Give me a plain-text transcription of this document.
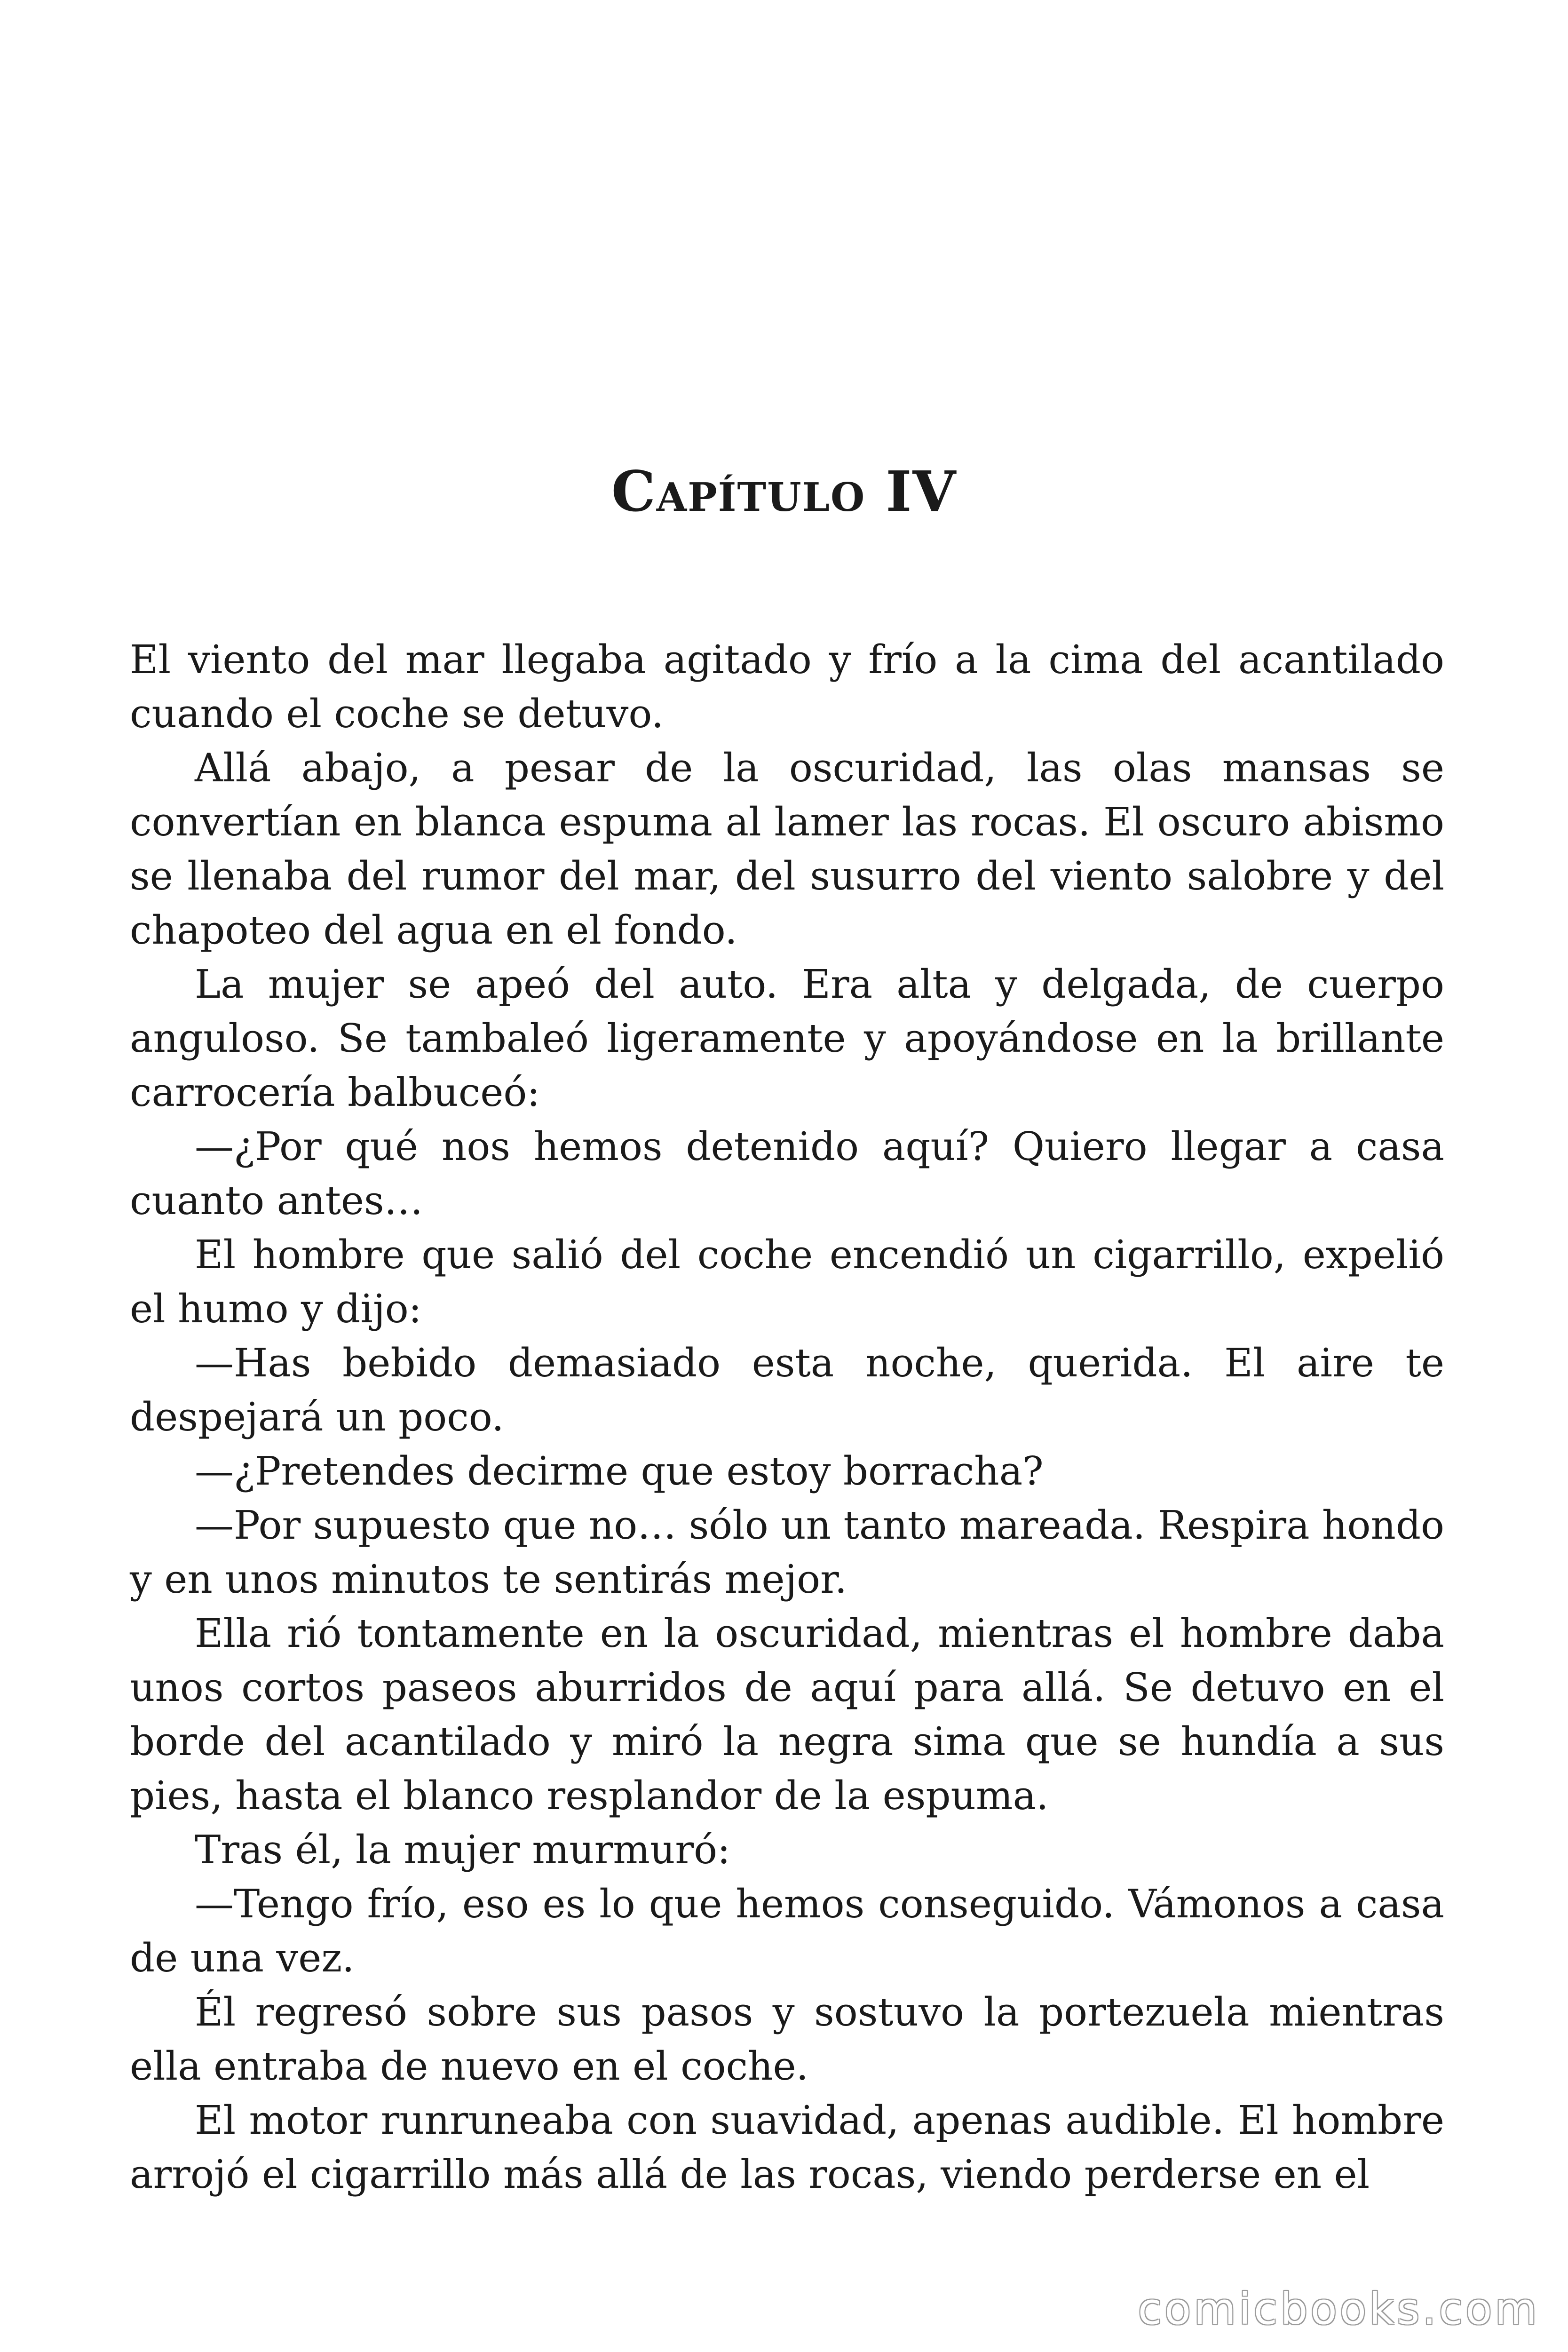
Capítulo IV

El viento del mar llegaba agitado y frío a la cima del acantilado cuando el coche se detuvo.

Allá abajo, a pesar de la oscuridad, las olas mansas se convertían en blanca espuma al lamer las rocas. El oscuro abismo se llenaba del rumor del mar, del susurro del viento salobre y del chapoteo del agua en el fondo.

La mujer se apeó del auto. Era alta y delgada, de cuerpo anguloso. Se tambaleó ligeramente y apoyándose en la brillante carrocería balbuceó:

—¿Por qué nos hemos detenido aquí? Quiero llegar a casa cuanto antes…

El hombre que salió del coche encendió un cigarrillo, expelió el humo y dijo:

—Has bebido demasiado esta noche, querida. El aire te despejará un poco.

—¿Pretendes decirme que estoy borracha?

—Por supuesto que no… sólo un tanto mareada. Respira hondo y en unos minutos te sentirás mejor.

Ella rió tontamente en la oscuridad, mientras el hombre daba unos cortos paseos aburridos de aquí para allá. Se detuvo en el borde del acantilado y miró la negra sima que se hundía a sus pies, hasta el blanco resplandor de la espuma.

Tras él, la mujer murmuró:

—Tengo frío, eso es lo que hemos conseguido. Vámonos a casa de una vez.

Él regresó sobre sus pasos y sostuvo la portezuela mientras ella entraba de nuevo en el coche.

El motor runruneaba con suavidad, apenas audible. El hombre arrojó el cigarrillo más allá de las rocas, viendo perderse en el

comicbooks.com
